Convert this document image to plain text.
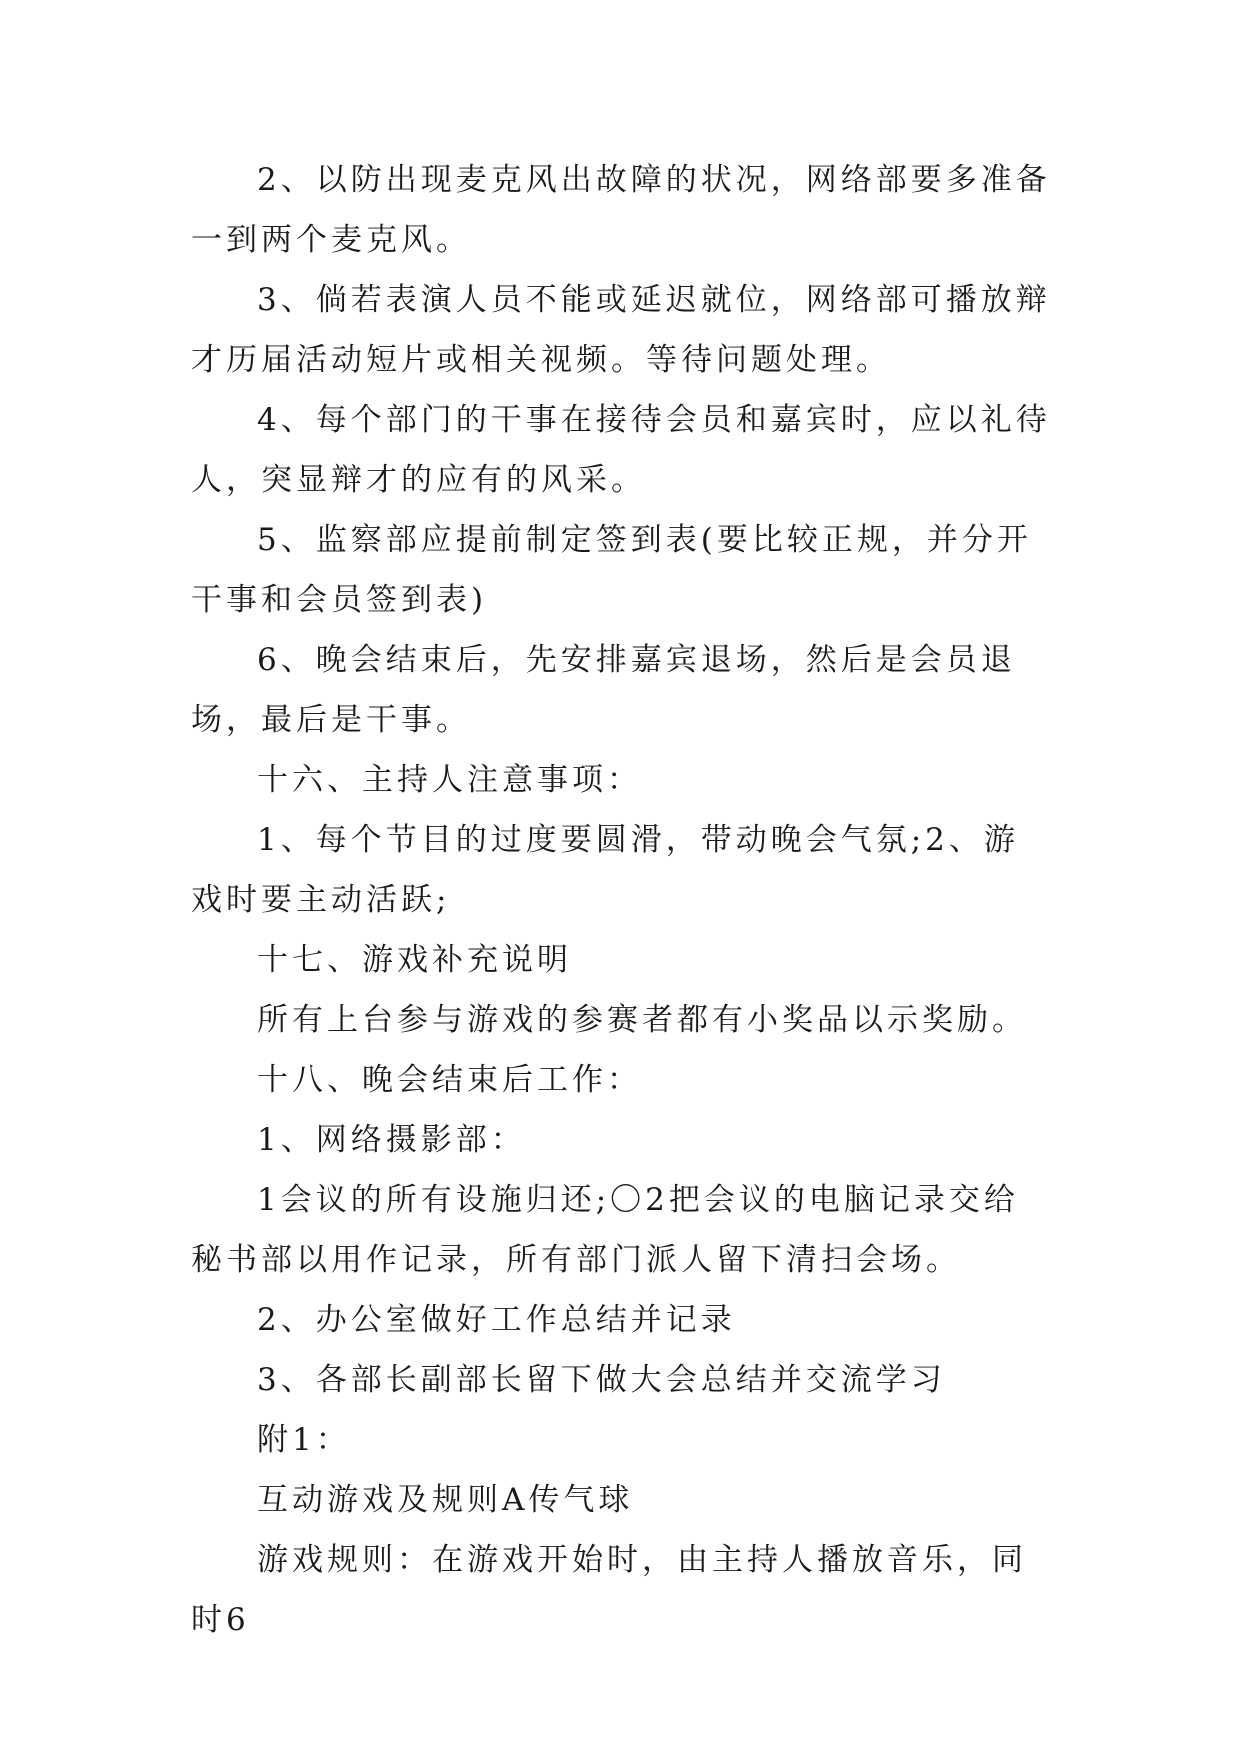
2、以防出现麦克风出故障的状况，网络部要多准备一到两个麦克风。

3、倘若表演人员不能或延迟就位，网络部可播放辩才历届活动短片或相关视频。等待问题处理。

4、每个部门的干事在接待会员和嘉宾时，应以礼待人，突显辩才的应有的风采。

5、监察部应提前制定签到表(要比较正规，并分开干事和会员签到表)

6、晚会结束后，先安排嘉宾退场，然后是会员退场，最后是干事。

十六、主持人注意事项：

1、每个节目的过度要圆滑，带动晚会气氛;2、游戏时要主动活跃;

十七、游戏补充说明

所有上台参与游戏的参赛者都有小奖品以示奖励。

十八、晚会结束后工作：

1、网络摄影部：

1会议的所有设施归还;〇2把会议的电脑记录交给秘书部以用作记录，所有部门派人留下清扫会场。

2、办公室做好工作总结并记录

3、各部长副部长留下做大会总结并交流学习

附1：

互动游戏及规则A传气球

游戏规则：在游戏开始时，由主持人播放音乐，同时6
